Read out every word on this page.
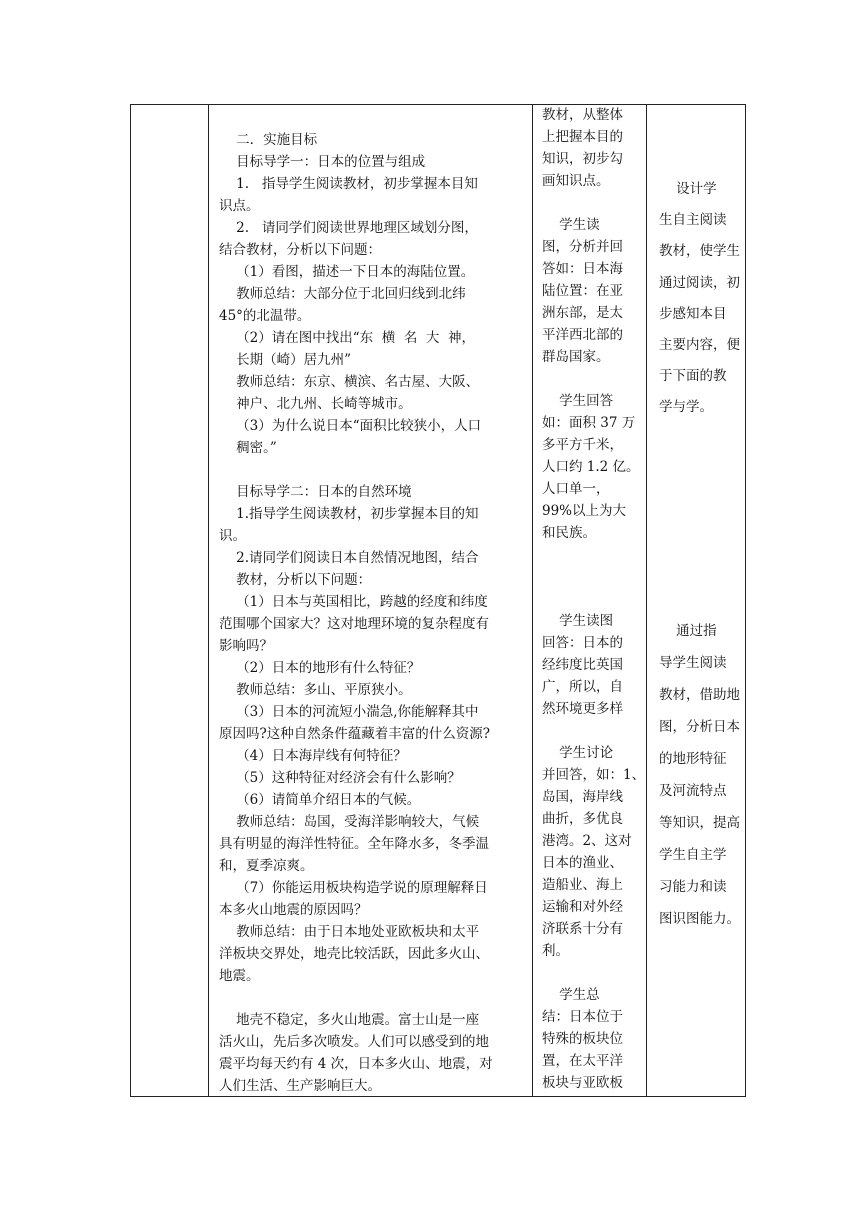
二．实施目标
目标导学一：日本的位置与组成
1.   指导学生阅读教材，初步掌握本目知
识点。
2.   请同学们阅读世界地理区域划分图，
结合教材，分析以下问题：
（1）看图，描述一下日本的海陆位置。
教师总结：大部分位于北回归线到北纬
45°的北温带。
（2）请在图中找出“东  横  名  大  神，
长期（崎）居九州”
教师总结：东京、横滨、名古屋、大阪、
神户、北九州、长崎等城市。
（3）为什么说日本“面积比较狭小，人口
稠密。”
目标导学二：日本的自然环境
1.指导学生阅读教材，初步掌握本目的知
识。
2.请同学们阅读日本自然情况地图，结合
教材，分析以下问题：
（1）日本与英国相比，跨越的经度和纬度
范围哪个国家大？这对地理环境的复杂程度有
影响吗？
（2）日本的地形有什么特征？
教师总结：多山、平原狭小。
（3）日本的河流短小湍急,你能解释其中
原因吗?这种自然条件蕴藏着丰富的什么资源?
（4）日本海岸线有何特征？
（5）这种特征对经济会有什么影响？
（6）请简单介绍日本的气候。
教师总结：岛国，受海洋影响较大，气候
具有明显的海洋性特征。全年降水多，冬季温
和，夏季凉爽。
（7）你能运用板块构造学说的原理解释日
本多火山地震的原因吗？
教师总结：由于日本地处亚欧板块和太平
洋板块交界处，地壳比较活跃，因此多火山、
地震。
地壳不稳定，多火山地震。富士山是一座
活火山，先后多次喷发。人们可以感受到的地
震平均每天约有 4 次，日本多火山、地震，对
人们生活、生产影响巨大。
教材，从整体
上把握本目的
知识，初步勾
画知识点。
学生读
图，分析并回
答如：日本海
陆位置：在亚
洲东部，是太
平洋西北部的
群岛国家。
学生回答
如：面积 37 万
多平方千米，
人口约 1.2 亿。
人口单一，
99%以上为大
和民族。
学生读图
回答：日本的
经纬度比英国
广，所以，自
然环境更多样
学生讨论
并回答，如：1、
岛国，海岸线
曲折，多优良
港湾。2、这对
日本的渔业、
造船业、海上
运输和对外经
济联系十分有
利。
学生总
结：日本位于
特殊的板块位
置，在太平洋
板块与亚欧板
设计学
生自主阅读
教材，使学生
通过阅读，初
步感知本目
主要内容，便
于下面的教
学与学。
通过指
导学生阅读
教材，借助地
图，分析日本
的地形特征
及河流特点
等知识，提高
学生自主学
习能力和读
图识图能力。
